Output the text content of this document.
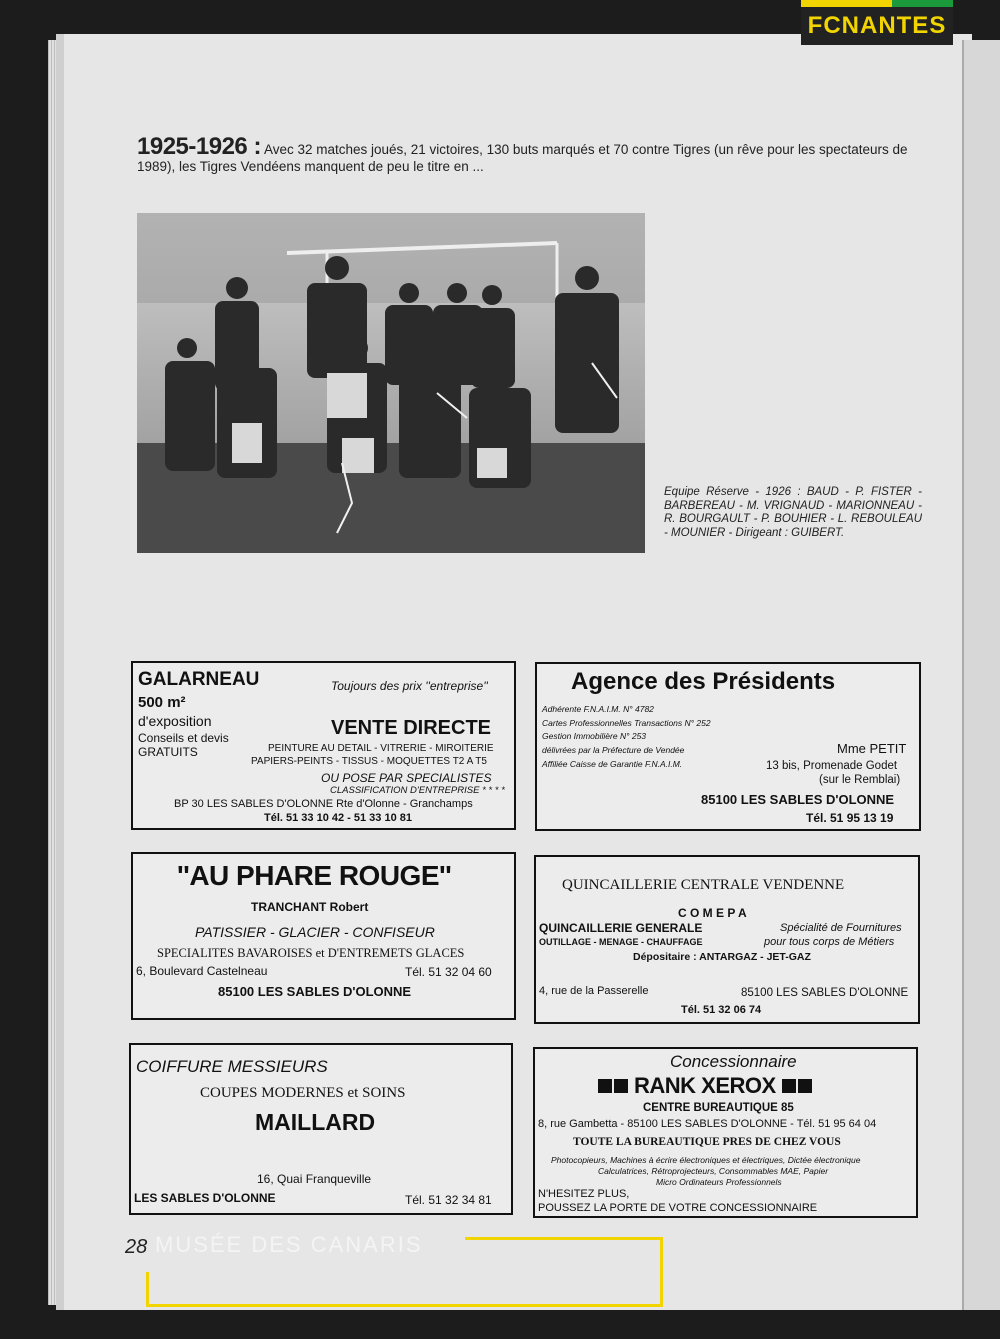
FCNANTES
1925-1926 : Avec 32 matches joués, 21 victoires, 130 buts marqués et 70 contre Tigres (un rêve pour les spectateurs de 1989), les Tigres Vendéens manquent de peu le titre en ...
Equipe Réserve - 1926 : BAUD - P. FISTER - BARBEREAU - M. VRIGNAUD - MARIONNEAU - R. BOURGAULT - P. BOUHIER - L. REBOULEAU - MOUNIER - Dirigeant : GUIBERT.
GALARNEAU	Toujours des prix ''entreprise''
500 m²
d'exposition
Conseils et devis
GRATUITS
VENTE DIRECTE
PEINTURE AU DETAIL - VITRERIE - MIROITERIE
PAPIERS-PEINTS - TISSUS - MOQUETTES T2 A T5
OU POSE PAR SPECIALISTES
CLASSIFICATION D'ENTREPRISE * * * *
BP 30 LES SABLES D'OLONNE Rte d'Olonne - Granchamps
Tél. 51 33 10 42 - 51 33 10 81
Agence des Présidents
Adhérente F.N.A.I.M. N° 4782
Cartes Professionnelles Transactions N° 252
Gestion Immobilière N° 253
délivrées par la Préfecture de Vendée
Affiliée Caisse de Garantie F.N.A.I.M.
Mme PETIT
13 bis, Promenade Godet
(sur le Remblai)
85100 LES SABLES D'OLONNE
Tél. 51 95 13 19
''AU PHARE ROUGE''
TRANCHANT Robert
PATISSIER - GLACIER - CONFISEUR
SPECIALITES BAVAROISES et D'ENTREMETS GLACES
6, Boulevard Castelneau	Tél. 51 32 04 60
85100 LES SABLES D'OLONNE
QUINCAILLERIE CENTRALE VENDENNE
C O M E P A
QUINCAILLERIE GENERALE
OUTILLAGE - MENAGE - CHAUFFAGE
Spécialité de Fournitures
pour tous corps de Métiers
Dépositaire : ANTARGAZ - JET-GAZ
4, rue de la Passerelle	85100 LES SABLES D'OLONNE
Tél. 51 32 06 74
COIFFURE MESSIEURS
COUPES MODERNES et SOINS
MAILLARD
16, Quai Franqueville
LES SABLES D'OLONNE	Tél. 51 32 34 81
Concessionnaire
RANK XEROX
CENTRE BUREAUTIQUE 85
8, rue Gambetta - 85100 LES SABLES D'OLONNE - Tél. 51 95 64 04
TOUTE LA BUREAUTIQUE PRES DE CHEZ VOUS
Photocopieurs, Machines à écrire électroniques et électriques, Dictée électronique
Calculatrices, Rétroprojecteurs, Consommables MAE, Papier
Micro Ordinateurs Professionnels
N'HESITEZ PLUS,
POUSSEZ LA PORTE DE VOTRE CONCESSIONNAIRE
28 MUSÉE DES CANARIS
